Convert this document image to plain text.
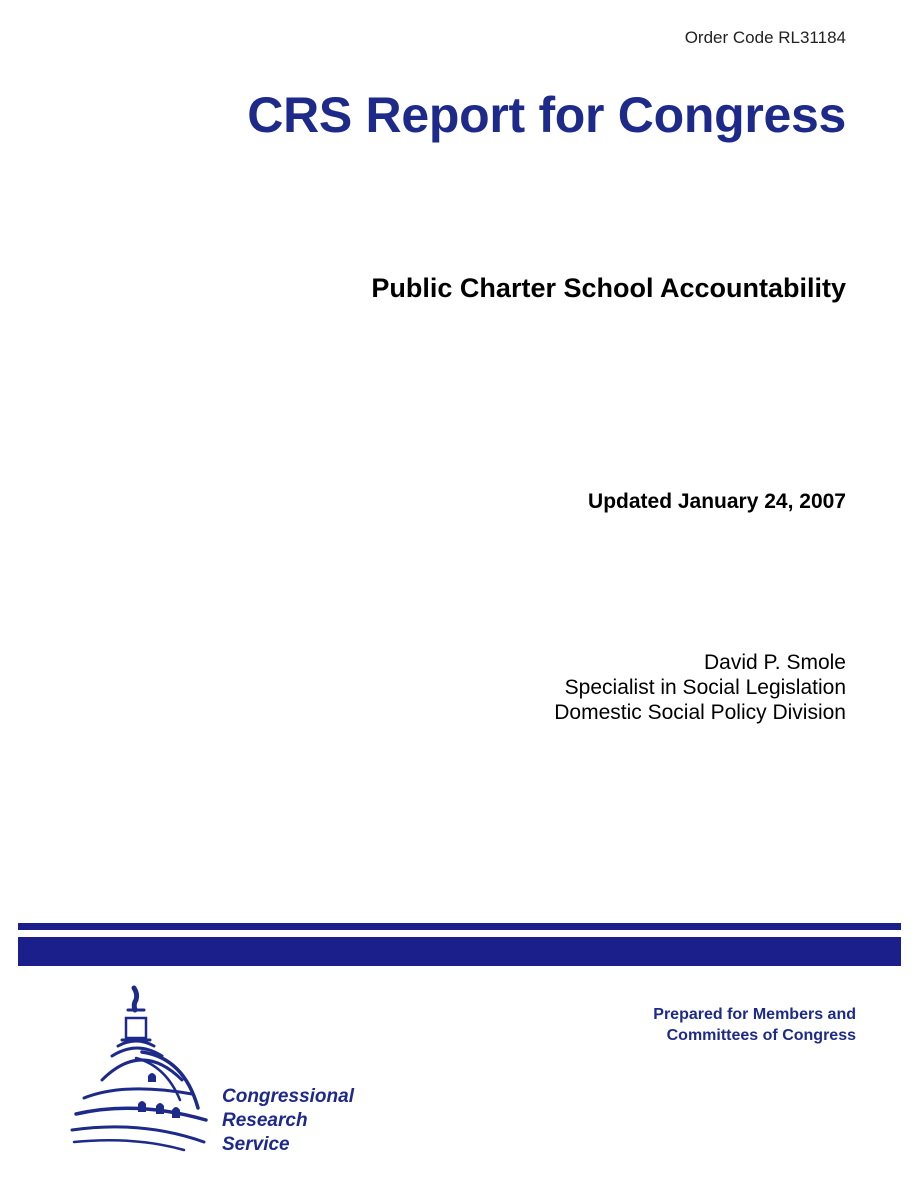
Order Code RL31184
CRS Report for Congress
Public Charter School Accountability
Updated January 24, 2007
David P. Smole
Specialist in Social Legislation
Domestic Social Policy Division
Prepared for Members and
Committees of Congress
Congressional
Research
Service
